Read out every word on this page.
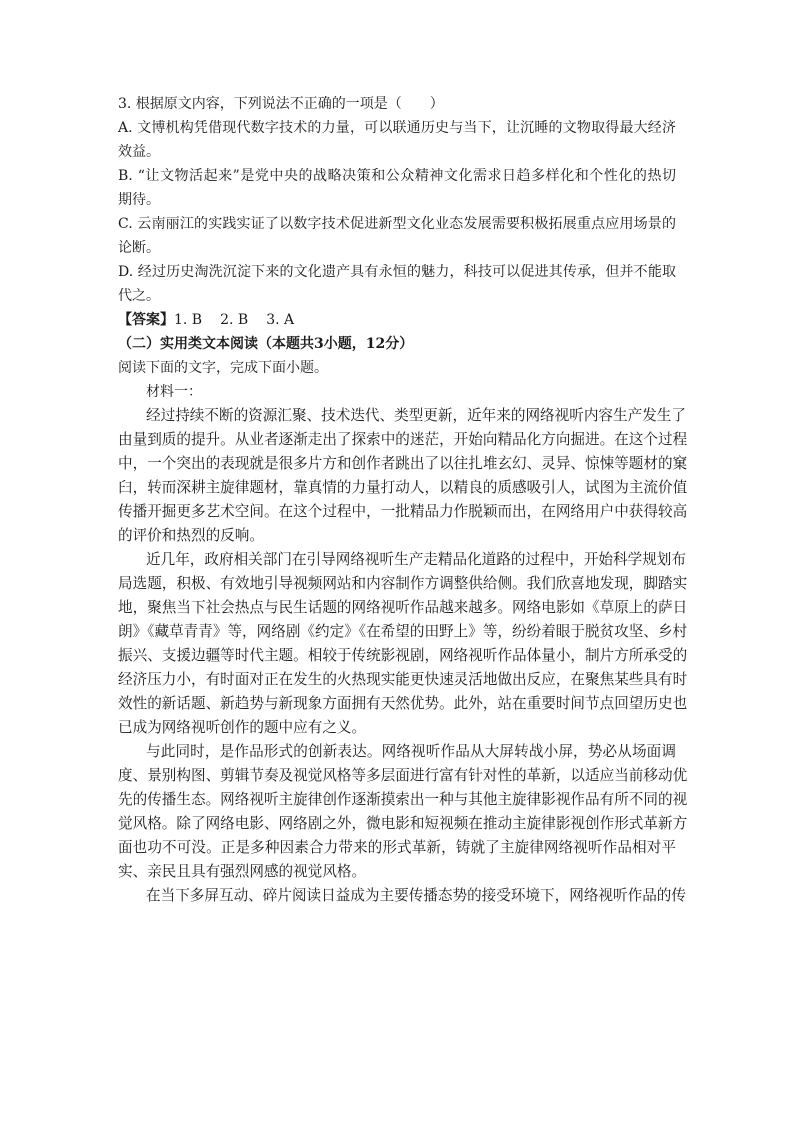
3. 根据原文内容，下列说法不正确的一项是（　　）

A. 文博机构凭借现代数字技术的力量，可以联通历史与当下，让沉睡的文物取得最大经济

效益。

B. “让文物活起来”是党中央的战略决策和公众精神文化需求日趋多样化和个性化的热切

期待。

C. 云南丽江的实践实证了以数字技术促进新型文化业态发展需要积极拓展重点应用场景的

论断。

D. 经过历史淘洗沉淀下来的文化遗产具有永恒的魅力，科技可以促进其传承，但并不能取

代之。

【答案】1. B 2. B 3. A

（二）实用类文本阅读（本题共3小题，12分）

阅读下面的文字，完成下面小题。

材料一：

经过持续不断的资源汇聚、技术迭代、类型更新，近年来的网络视听内容生产发生了

由量到质的提升。从业者逐渐走出了探索中的迷茫，开始向精品化方向掘进。在这个过程

中，一个突出的表现就是很多片方和创作者跳出了以往扎堆玄幻、灵异、惊悚等题材的窠

臼，转而深耕主旋律题材，靠真情的力量打动人，以精良的质感吸引人，试图为主流价值

传播开掘更多艺术空间。在这个过程中，一批精品力作脱颖而出，在网络用户中获得较高

的评价和热烈的反响。

近几年，政府相关部门在引导网络视听生产走精品化道路的过程中，开始科学规划布

局选题，积极、有效地引导视频网站和内容制作方调整供给侧。我们欣喜地发现，脚踏实

地，聚焦当下社会热点与民生话题的网络视听作品越来越多。网络电影如《草原上的萨日

朗》《藏草青青》等，网络剧《约定》《在希望的田野上》等，纷纷着眼于脱贫攻坚、乡村

振兴、支援边疆等时代主题。相较于传统影视剧，网络视听作品体量小，制片方所承受的

经济压力小，有时面对正在发生的火热现实能更快速灵活地做出反应，在聚焦某些具有时

效性的新话题、新趋势与新现象方面拥有天然优势。此外，站在重要时间节点回望历史也

已成为网络视听创作的题中应有之义。

与此同时，是作品形式的创新表达。网络视听作品从大屏转战小屏，势必从场面调

度、景别构图、剪辑节奏及视觉风格等多层面进行富有针对性的革新，以适应当前移动优

先的传播生态。网络视听主旋律创作逐渐摸索出一种与其他主旋律影视作品有所不同的视

觉风格。除了网络电影、网络剧之外，微电影和短视频在推动主旋律影视创作形式革新方

面也功不可没。正是多种因素合力带来的形式革新，铸就了主旋律网络视听作品相对平

实、亲民且具有强烈网感的视觉风格。

在当下多屏互动、碎片阅读日益成为主要传播态势的接受环境下，网络视听作品的传
